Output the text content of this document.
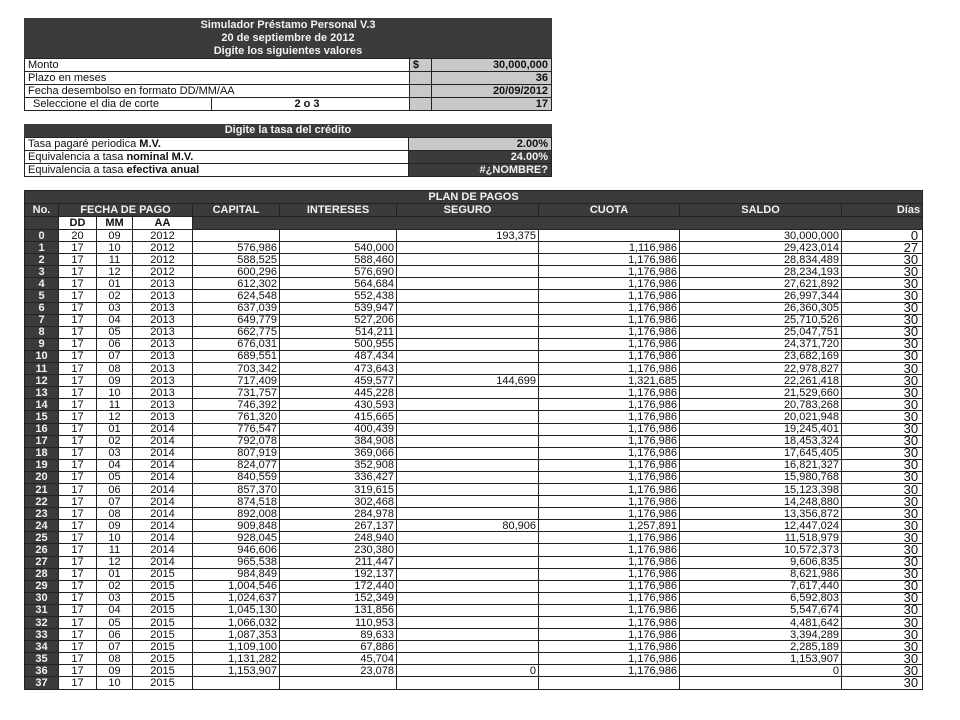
Simulador Préstamo Personal V.3
20 de septiembre de 2012
Digite los siguientes valores
Monto	$	30,000,000
Plazo en meses		36
Fecha desembolso en formato DD/MM/AA		20/09/2012
Seleccione el dia de corte 2 o 3		17
Digite la tasa del crédito
Tasa pagaré periodica M.V.	2.00%
Equivalencia a tasa nominal M.V.	24.00%
Equivalencia a tasa efectiva anual	#¿NOMBRE?
PLAN DE PAGOS									
No.	FECHA DE PAGO			CAPITAL	INTERESES	SEGURO	CUOTA	SALDO	Días
	DD	MM	AA						
0	20	09	2012			193,375		30,000,000	0
1	17	10	2012	576,986	540,000		1,116,986	29,423,014	27
2	17	11	2012	588,525	588,460		1,176,986	28,834,489	30
3	17	12	2012	600,296	576,690		1,176,986	28,234,193	30
4	17	01	2013	612,302	564,684		1,176,986	27,621,892	30
5	17	02	2013	624,548	552,438		1,176,986	26,997,344	30
6	17	03	2013	637,039	539,947		1,176,986	26,360,305	30
7	17	04	2013	649,779	527,206		1,176,986	25,710,526	30
8	17	05	2013	662,775	514,211		1,176,986	25,047,751	30
9	17	06	2013	676,031	500,955		1,176,986	24,371,720	30
10	17	07	2013	689,551	487,434		1,176,986	23,682,169	30
11	17	08	2013	703,342	473,643		1,176,986	22,978,827	30
12	17	09	2013	717,409	459,577	144,699	1,321,685	22,261,418	30
13	17	10	2013	731,757	445,228		1,176,986	21,529,660	30
14	17	11	2013	746,392	430,593		1,176,986	20,783,268	30
15	17	12	2013	761,320	415,665		1,176,986	20,021,948	30
16	17	01	2014	776,547	400,439		1,176,986	19,245,401	30
17	17	02	2014	792,078	384,908		1,176,986	18,453,324	30
18	17	03	2014	807,919	369,066		1,176,986	17,645,405	30
19	17	04	2014	824,077	352,908		1,176,986	16,821,327	30
20	17	05	2014	840,559	336,427		1,176,986	15,980,768	30
21	17	06	2014	857,370	319,615		1,176,986	15,123,398	30
22	17	07	2014	874,518	302,468		1,176,986	14,248,880	30
23	17	08	2014	892,008	284,978		1,176,986	13,356,872	30
24	17	09	2014	909,848	267,137	80,906	1,257,891	12,447,024	30
25	17	10	2014	928,045	248,940		1,176,986	11,518,979	30
26	17	11	2014	946,606	230,380		1,176,986	10,572,373	30
27	17	12	2014	965,538	211,447		1,176,986	9,606,835	30
28	17	01	2015	984,849	192,137		1,176,986	8,621,986	30
29	17	02	2015	1,004,546	172,440		1,176,986	7,617,440	30
30	17	03	2015	1,024,637	152,349		1,176,986	6,592,803	30
31	17	04	2015	1,045,130	131,856		1,176,986	5,547,674	30
32	17	05	2015	1,066,032	110,953		1,176,986	4,481,642	30
33	17	06	2015	1,087,353	89,633		1,176,986	3,394,289	30
34	17	07	2015	1,109,100	67,886		1,176,986	2,285,189	30
35	17	08	2015	1,131,282	45,704		1,176,986	1,153,907	30
36	17	09	2015	1,153,907	23,078	0	1,176,986	0	30
37	17	10	2015						30
